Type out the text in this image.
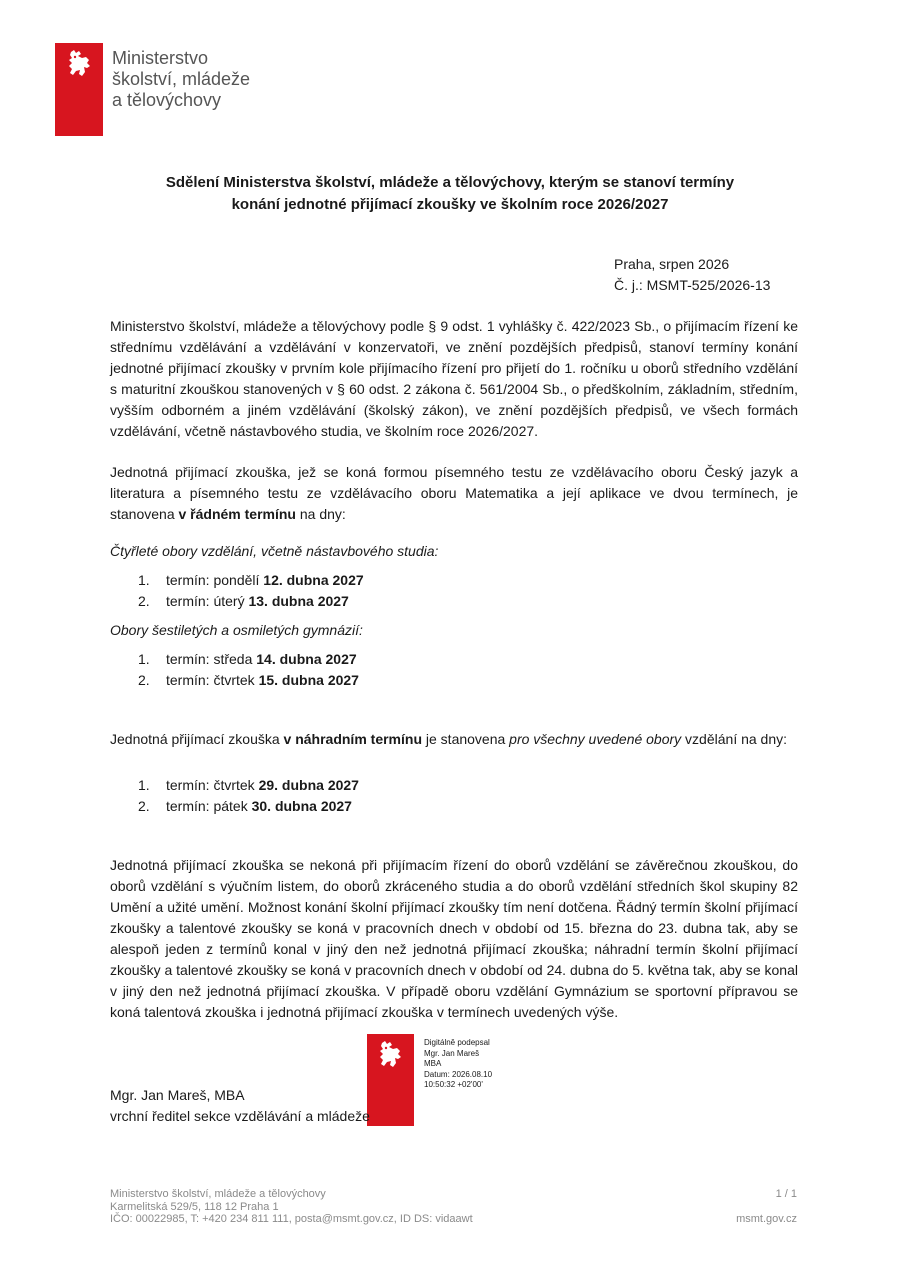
Ministerstvo
školství, mládeže
a tělovýchovy
Sdělení Ministerstva školství, mládeže a tělovýchovy, kterým se stanoví termíny
konání jednotné přijímací zkoušky ve školním roce 2026/2027
Praha, srpen 2026
Č. j.: MSMT-525/2026-13

Ministerstvo školství, mládeže a tělovýchovy podle § 9 odst. 1 vyhlášky č. 422/2023 Sb., o přijímacím řízení ke střednímu vzdělávání a vzdělávání v konzervatoři, ve znění pozdějších předpisů, stanoví termíny konání jednotné přijímací zkoušky v prvním kole přijímacího řízení pro přijetí do 1. ročníku u oborů středního vzdělání s maturitní zkouškou stanovených v § 60 odst. 2 zákona č. 561/2004 Sb., o předškolním, základním, středním, vyšším odborném a jiném vzdělávání (školský zákon), ve znění pozdějších předpisů, ve všech formách vzdělávání, včetně nástavbového studia, ve školním roce 2026/2027.

Jednotná přijímací zkouška, jež se koná formou písemného testu ze vzdělávacího oboru Český jazyk a literatura a písemného testu ze vzdělávacího oboru Matematika a její aplikace ve dvou termínech, je stanovena v řádném termínu na dny:

Čtyřleté obory vzdělání, včetně nástavbového studia:
1. termín: pondělí 12. dubna 2027
2. termín: úterý 13. dubna 2027
Obory šestiletých a osmiletých gymnázií:
1. termín: středa 14. dubna 2027
2. termín: čtvrtek 15. dubna 2027

Jednotná přijímací zkouška v náhradním termínu je stanovena pro všechny uvedené obory vzdělání na dny:

1. termín: čtvrtek 29. dubna 2027
2. termín: pátek 30. dubna 2027

Jednotná přijímací zkouška se nekoná při přijímacím řízení do oborů vzdělání se závěrečnou zkouškou, do oborů vzdělání s výučním listem, do oborů zkráceného studia a do oborů vzdělání středních škol skupiny 82 Umění a užité umění. Možnost konání školní přijímací zkoušky tím není dotčena. Řádný termín školní přijímací zkoušky a talentové zkoušky se koná v pracovních dnech v období od 15. března do 23. dubna tak, aby se alespoň jeden z termínů konal v jiný den než jednotná přijímací zkouška; náhradní termín školní přijímací zkoušky a talentové zkoušky se koná v pracovních dnech v období od 24. dubna do 5. května tak, aby se konal v jiný den než jednotná přijímací zkouška. V případě oboru vzdělání Gymnázium se sportovní přípravou se koná talentová zkouška i jednotná přijímací zkouška v termínech uvedených výše.

Digitálně podepsal
Mgr. Jan Mareš
MBA
Datum: 2026.08.10
10:50:32 +02'00'
Mgr. Jan Mareš, MBA
vrchní ředitel sekce vzdělávání a mládeže
Ministerstvo školství, mládeže a tělovýchovy
Karmelitská 529/5, 118 12 Praha 1
IČO: 00022985, T: +420 234 811 111, posta@msmt.gov.cz, ID DS: vidaawt
1 / 1

msmt.gov.cz
